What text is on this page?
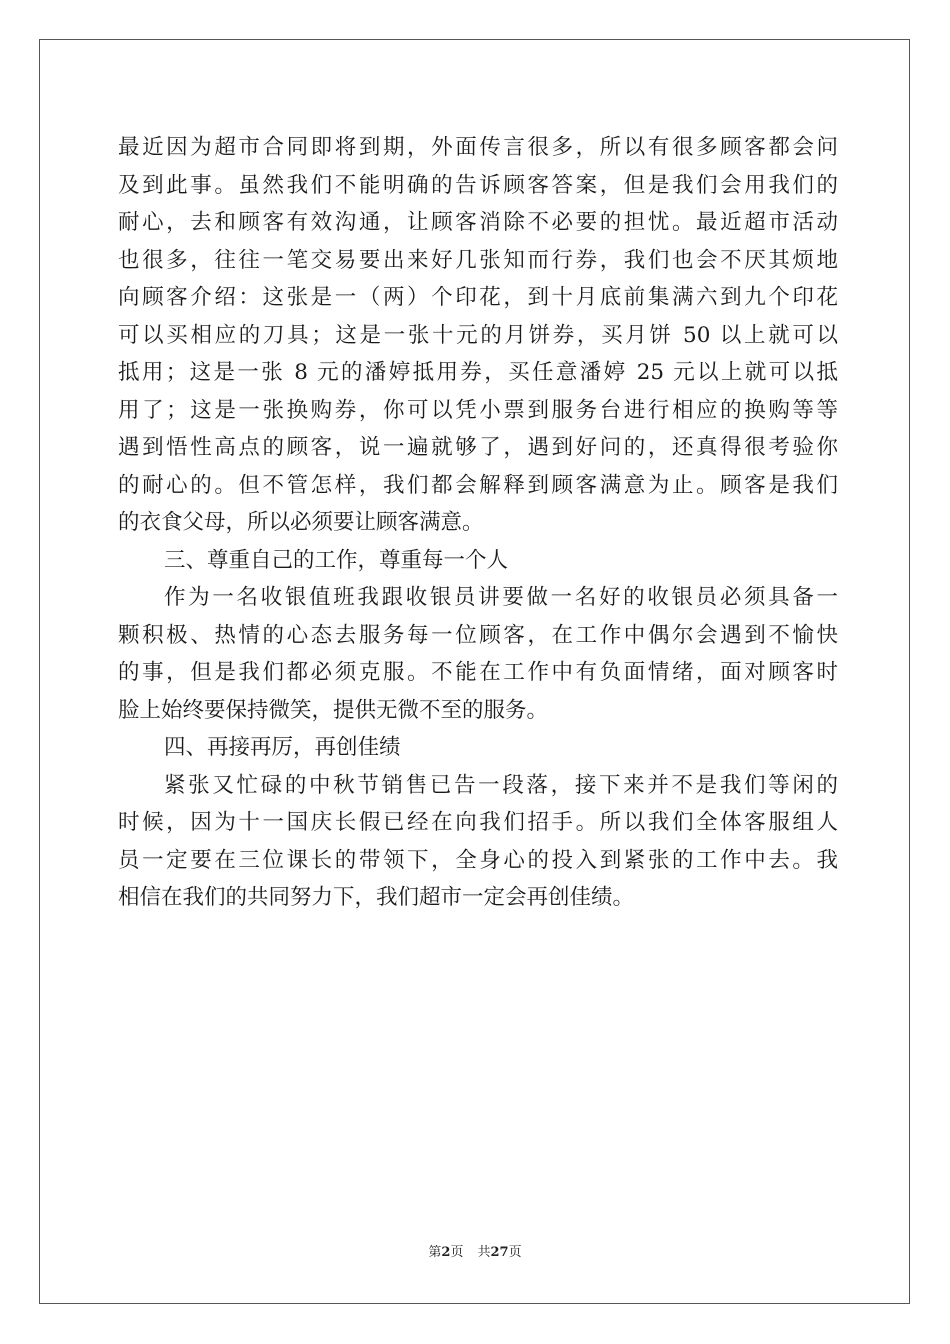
最近因为超市合同即将到期，外面传言很多，所以有很多顾客都会问
及到此事。虽然我们不能明确的告诉顾客答案，但是我们会用我们的
耐心，去和顾客有效沟通，让顾客消除不必要的担忧。最近超市活动
也很多，往往一笔交易要出来好几张知而行券，我们也会不厌其烦地
向顾客介绍：这张是一（两）个印花，到十月底前集满六到九个印花
可以买相应的刀具；这是一张十元的月饼券，买月饼 50 以上就可以
抵用；这是一张 8 元的潘婷抵用券，买任意潘婷 25 元以上就可以抵
用了；这是一张换购券，你可以凭小票到服务台进行相应的换购等等
遇到悟性高点的顾客，说一遍就够了，遇到好问的，还真得很考验你
的耐心的。但不管怎样，我们都会解释到顾客满意为止。顾客是我们
的衣食父母，所以必须要让顾客满意。
三、尊重自己的工作，尊重每一个人
作为一名收银值班我跟收银员讲要做一名好的收银员必须具备一
颗积极、热情的心态去服务每一位顾客，在工作中偶尔会遇到不愉快
的事，但是我们都必须克服。不能在工作中有负面情绪，面对顾客时
脸上始终要保持微笑，提供无微不至的服务。
四、再接再厉，再创佳绩
紧张又忙碌的中秋节销售已告一段落，接下来并不是我们等闲的
时候，因为十一国庆长假已经在向我们招手。所以我们全体客服组人
员一定要在三位课长的带领下，全身心的投入到紧张的工作中去。我
相信在我们的共同努力下，我们超市一定会再创佳绩。
第2页 共27页
